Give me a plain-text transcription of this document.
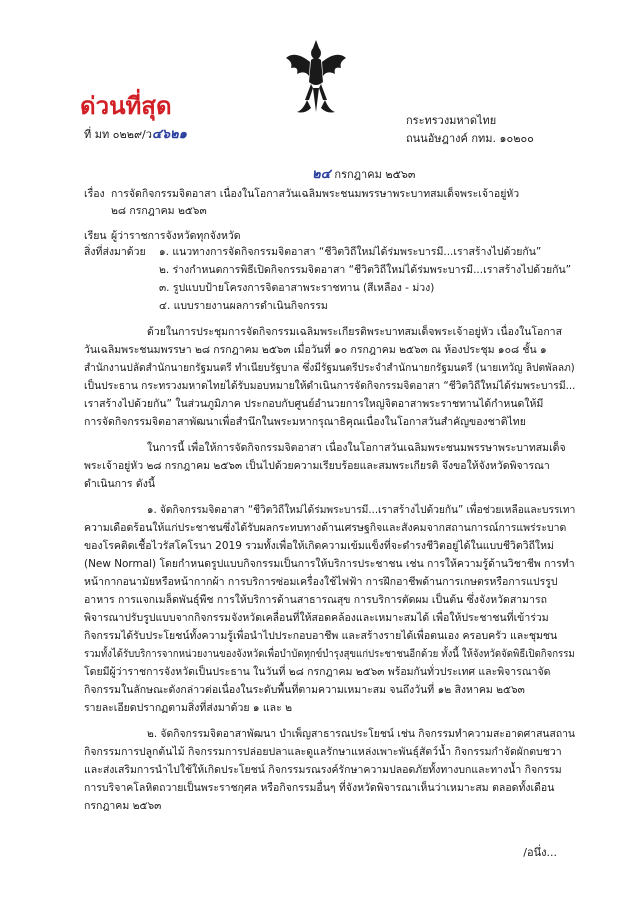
ด่วนที่สุด
ที่ มท ๐๒๒๙/ว๔๖๒๑
กระทรวงมหาดไทย
ถนนอัษฎางค์ กทม. ๑๐๒๐๐
๒๔ กรกฎาคม ๒๕๖๓
เรื่อง การจัดกิจกรรมจิตอาสา เนื่องในโอกาสวันเฉลิมพระชนมพรรษาพระบาทสมเด็จพระเจ้าอยู่หัว
๒๘ กรกฎาคม ๒๕๖๓
เรียน ผู้ว่าราชการจังหวัดทุกจังหวัด
สิ่งที่ส่งมาด้วย ๑. แนวทางการจัดกิจกรรมจิตอาสา “ชีวิตวิถีใหม่ได้ร่มพระบารมี...เราสร้างไปด้วยกัน”
๒. ร่างกำหนดการพิธีเปิดกิจกรรมจิตอาสา “ชีวิตวิถีใหม่ได้ร่มพระบารมี...เราสร้างไปด้วยกัน”
๓. รูปแบบป้ายโครงการจิตอาสาพระราชทาน (สีเหลือง - ม่วง)
๔. แบบรายงานผลการดำเนินกิจกรรม
ด้วยในการประชุมการจัดกิจกรรมเฉลิมพระเกียรติพระบาทสมเด็จพระเจ้าอยู่หัว เนื่องในโอกาส
วันเฉลิมพระชนมพรรษา ๒๘ กรกฎาคม ๒๕๖๓ เมื่อวันที่ ๑๐ กรกฎาคม ๒๕๖๓ ณ ห้องประชุม ๑๐๘ ชั้น ๑
สำนักงานปลัดสำนักนายกรัฐมนตรี ทำเนียบรัฐบาล ซึ่งมีรัฐมนตรีประจำสำนักนายกรัฐมนตรี (นายเทวัญ ลิปตพัลลภ)
เป็นประธาน กระทรวงมหาดไทยได้รับมอบหมายให้ดำเนินการจัดกิจกรรมจิตอาสา “ชีวิตวิถีใหม่ได้ร่มพระบารมี...
เราสร้างไปด้วยกัน” ในส่วนภูมิภาค ประกอบกับศูนย์อำนวยการใหญ่จิตอาสาพระราชทานได้กำหนดให้มี
การจัดกิจกรรมจิตอาสาพัฒนาเพื่อสำนึกในพระมหากรุณาธิคุณเนื่องในโอกาสวันสำคัญของชาติไทย
ในการนี้ เพื่อให้การจัดกิจกรรมจิตอาสา เนื่องในโอกาสวันเฉลิมพระชนมพรรษาพระบาทสมเด็จ
พระเจ้าอยู่หัว ๒๘ กรกฎาคม ๒๕๖๓ เป็นไปด้วยความเรียบร้อยและสมพระเกียรติ จึงขอให้จังหวัดพิจารณา
ดำเนินการ ดังนี้
๑. จัดกิจกรรมจิตอาสา “ชีวิตวิถีใหม่ได้ร่มพระบารมี...เราสร้างไปด้วยกัน” เพื่อช่วยเหลือและบรรเทา
ความเดือดร้อนให้แก่ประชาชนซึ่งได้รับผลกระทบทางด้านเศรษฐกิจและสังคมจากสถานการณ์การแพร่ระบาด
ของโรคติดเชื้อไวรัสโคโรนา 2019 รวมทั้งเพื่อให้เกิดความเข้มแข็งที่จะดำรงชีวิตอยู่ได้ในแบบชีวิตวิถีใหม่
(New Normal) โดยกำหนดรูปแบบกิจกรรมเป็นการให้บริการประชาชน เช่น การให้ความรู้ด้านวิชาชีพ การทำ
หน้ากากอนามัยหรือหน้ากากผ้า การบริการซ่อมเครื่องใช้ไฟฟ้า การฝึกอาชีพด้านการเกษตรหรือการแปรรูป
อาหาร การแจกเมล็ดพันธุ์พืช การให้บริการด้านสาธารณสุข การบริการตัดผม เป็นต้น ซึ่งจังหวัดสามารถ
พิจารณาปรับรูปแบบจากกิจกรรมจังหวัดเคลื่อนที่ให้สอดคล้องและเหมาะสมได้ เพื่อให้ประชาชนที่เข้าร่วม
กิจกรรมได้รับประโยชน์ทั้งความรู้เพื่อนำไปประกอบอาชีพ และสร้างรายได้เพื่อตนเอง ครอบครัว และชุมชน
รวมทั้งได้รับบริการจากหน่วยงานของจังหวัดเพื่อบำบัดทุกข์บำรุงสุขแก่ประชาชนอีกด้วย ทั้งนี้ ให้จังหวัดจัดพิธีเปิดกิจกรรม
โดยมีผู้ว่าราชการจังหวัดเป็นประธาน ในวันที่ ๒๘ กรกฎาคม ๒๕๖๓ พร้อมกันทั่วประเทศ และพิจารณาจัด
กิจกรรมในลักษณะดังกล่าวต่อเนื่องในระดับพื้นที่ตามความเหมาะสม จนถึงวันที่ ๑๒ สิงหาคม ๒๕๖๓
รายละเอียดปรากฏตามสิ่งที่ส่งมาด้วย ๑ และ ๒
๒. จัดกิจกรรมจิตอาสาพัฒนา บำเพ็ญสาธารณประโยชน์ เช่น กิจกรรมทำความสะอาดศาสนสถาน
กิจกรรมการปลูกต้นไม้ กิจกรรมการปล่อยปลาและดูแลรักษาแหล่งเพาะพันธุ์สัตว์น้ำ กิจกรรมกำจัดผักตบชวา
และส่งเสริมการนำไปใช้ให้เกิดประโยชน์ กิจกรรมรณรงค์รักษาความปลอดภัยทั้งทางบกและทางน้ำ กิจกรรม
การบริจาคโลหิตถวายเป็นพระราชกุศล หรือกิจกรรมอื่นๆ ที่จังหวัดพิจารณาเห็นว่าเหมาะสม ตลอดทั้งเดือน
กรกฎาคม ๒๕๖๓
/อนึ่ง...
